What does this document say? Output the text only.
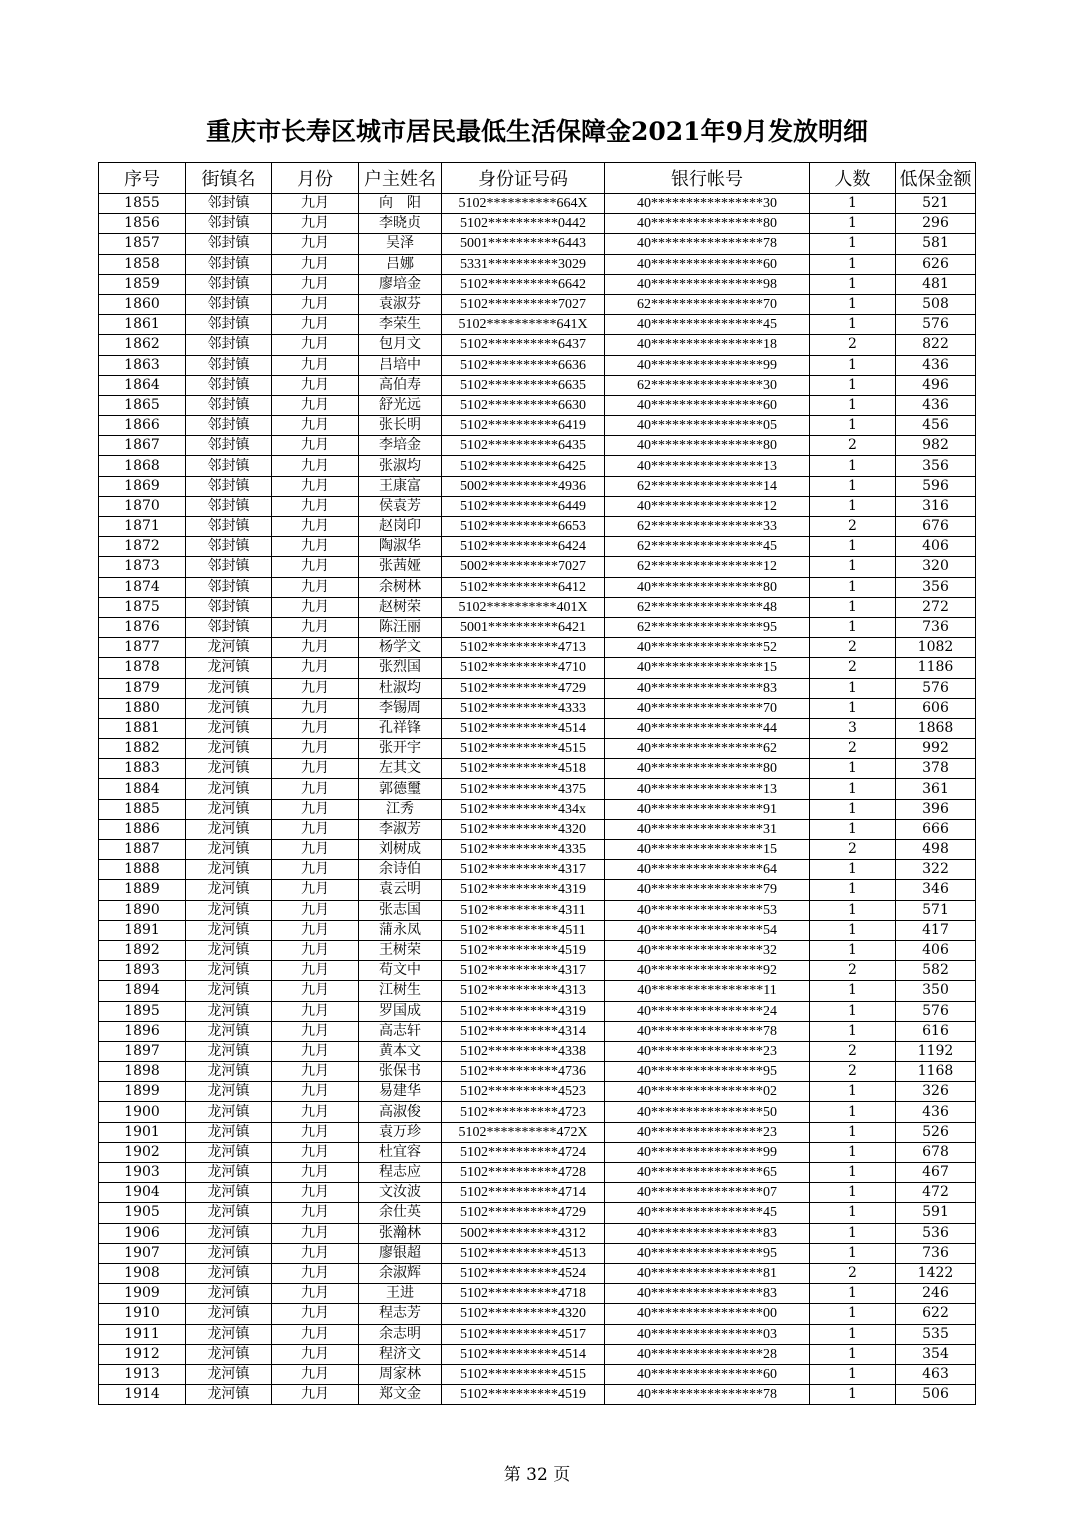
重庆市长寿区城市居民最低生活保障金2021年9月发放明细
序号	街镇名	月份	户主姓名	身份证号码	银行帐号	人数	低保金额
1855	邻封镇	九月	向　阳	5102**********664X	40****************30	1	521
1856	邻封镇	九月	李晓贞	5102**********0442	40****************80	1	296
1857	邻封镇	九月	吴泽	5001**********6443	40****************78	1	581
1858	邻封镇	九月	吕娜	5331**********3029	40****************60	1	626
1859	邻封镇	九月	廖培金	5102**********6642	40****************98	1	481
1860	邻封镇	九月	袁淑芬	5102**********7027	62****************70	1	508
1861	邻封镇	九月	李荣生	5102**********641X	40****************45	1	576
1862	邻封镇	九月	包月文	5102**********6437	40****************18	2	822
1863	邻封镇	九月	吕培中	5102**********6636	40****************99	1	436
1864	邻封镇	九月	高伯寿	5102**********6635	62****************30	1	496
1865	邻封镇	九月	舒光远	5102**********6630	40****************60	1	436
1866	邻封镇	九月	张长明	5102**********6419	40****************05	1	456
1867	邻封镇	九月	李培金	5102**********6435	40****************80	2	982
1868	邻封镇	九月	张淑均	5102**********6425	40****************13	1	356
1869	邻封镇	九月	王康富	5002**********4936	62****************14	1	596
1870	邻封镇	九月	侯袁芳	5102**********6449	40****************12	1	316
1871	邻封镇	九月	赵岗印	5102**********6653	62****************33	2	676
1872	邻封镇	九月	陶淑华	5102**********6424	62****************45	1	406
1873	邻封镇	九月	张茜娅	5002**********7027	62****************12	1	320
1874	邻封镇	九月	余树林	5102**********6412	40****************80	1	356
1875	邻封镇	九月	赵树荣	5102**********401X	62****************48	1	272
1876	邻封镇	九月	陈汪丽	5001**********6421	62****************95	1	736
1877	龙河镇	九月	杨学文	5102**********4713	40****************52	2	1082
1878	龙河镇	九月	张烈国	5102**********4710	40****************15	2	1186
1879	龙河镇	九月	杜淑均	5102**********4729	40****************83	1	576
1880	龙河镇	九月	李锡周	5102**********4333	40****************70	1	606
1881	龙河镇	九月	孔祥锋	5102**********4514	40****************44	3	1868
1882	龙河镇	九月	张开宇	5102**********4515	40****************62	2	992
1883	龙河镇	九月	左其文	5102**********4518	40****************80	1	378
1884	龙河镇	九月	郭德璽	5102**********4375	40****************13	1	361
1885	龙河镇	九月	江秀	5102**********434x	40****************91	1	396
1886	龙河镇	九月	李淑芳	5102**********4320	40****************31	1	666
1887	龙河镇	九月	刘树成	5102**********4335	40****************15	2	498
1888	龙河镇	九月	余诗伯	5102**********4317	40****************64	1	322
1889	龙河镇	九月	袁云明	5102**********4319	40****************79	1	346
1890	龙河镇	九月	张志国	5102**********4311	40****************53	1	571
1891	龙河镇	九月	蒲永凤	5102**********4511	40****************54	1	417
1892	龙河镇	九月	王树荣	5102**********4519	40****************32	1	406
1893	龙河镇	九月	苟文中	5102**********4317	40****************92	2	582
1894	龙河镇	九月	江树生	5102**********4313	40****************11	1	350
1895	龙河镇	九月	罗国成	5102**********4319	40****************24	1	576
1896	龙河镇	九月	高志轩	5102**********4314	40****************78	1	616
1897	龙河镇	九月	黄本文	5102**********4338	40****************23	2	1192
1898	龙河镇	九月	张保书	5102**********4736	40****************95	2	1168
1899	龙河镇	九月	易建华	5102**********4523	40****************02	1	326
1900	龙河镇	九月	高淑俊	5102**********4723	40****************50	1	436
1901	龙河镇	九月	袁万珍	5102**********472X	40****************23	1	526
1902	龙河镇	九月	杜宜容	5102**********4724	40****************99	1	678
1903	龙河镇	九月	程志应	5102**********4728	40****************65	1	467
1904	龙河镇	九月	文汝波	5102**********4714	40****************07	1	472
1905	龙河镇	九月	余仕英	5102**********4729	40****************45	1	591
1906	龙河镇	九月	张瀚林	5002**********4312	40****************83	1	536
1907	龙河镇	九月	廖银超	5102**********4513	40****************95	1	736
1908	龙河镇	九月	余淑辉	5102**********4524	40****************81	2	1422
1909	龙河镇	九月	王进	5102**********4718	40****************83	1	246
1910	龙河镇	九月	程志芳	5102**********4320	40****************00	1	622
1911	龙河镇	九月	余志明	5102**********4517	40****************03	1	535
1912	龙河镇	九月	程济文	5102**********4514	40****************28	1	354
1913	龙河镇	九月	周家林	5102**********4515	40****************60	1	463
1914	龙河镇	九月	郑文金	5102**********4519	40****************78	1	506
第 32 页
